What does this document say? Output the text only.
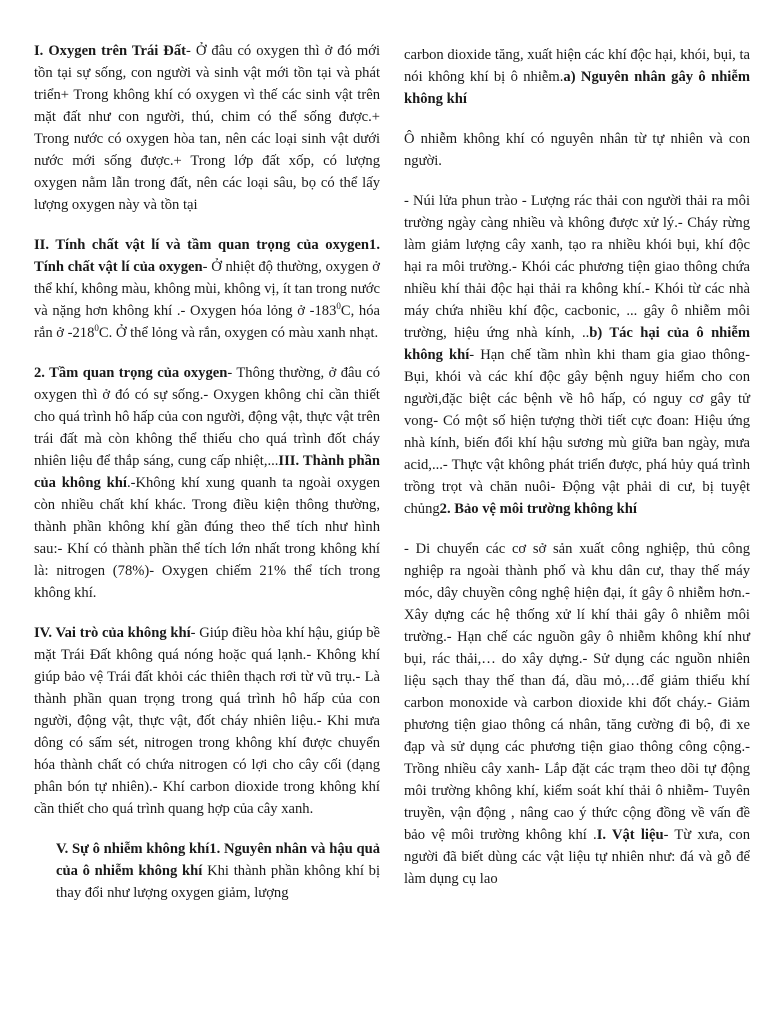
I. Oxygen trên Trái Đất- Ở đâu có oxygen thì ở đó mới tồn tại sự sống, con người và sinh vật mới tồn tại và phát triển+ Trong không khí có oxygen vì thế các sinh vật trên mặt đất như con người, thú, chim có thể sống được.+ Trong nước có oxygen hòa tan, nên các loại sinh vật dưới nước mới sống được.+ Trong lớp đất xốp, có lượng oxygen nằm lẫn trong đất, nên các loại sâu, bọ có thể lấy lượng oxygen này và tồn tại

II. Tính chất vật lí và tầm quan trọng của oxygen1. Tính chất vật lí của oxygen- Ở nhiệt độ thường, oxygen ở thể khí, không màu, không mùi, không vị, ít tan trong nước và nặng hơn không khí .- Oxygen hóa lỏng ở $-183^0C$, hóa rắn ở $-218^0C$. Ở thể lỏng và rắn, oxygen có màu xanh nhạt.

2. Tầm quan trọng của oxygen- Thông thường, ở đâu có oxygen thì ở đó có sự sống.- Oxygen không chỉ cần thiết cho quá trình hô hấp của con người, động vật, thực vật trên trái đất mà còn không thể thiếu cho quá trình đốt cháy nhiên liệu để thắp sáng, cung cấp nhiệt,...III. Thành phần của không khí.-Không khí xung quanh ta ngoài oxygen còn nhiều chất khí khác. Trong điều kiện thông thường, thành phần không khí gần đúng theo thể tích như hình sau:- Khí có thành phần thể tích lớn nhất trong không khí là: nitrogen (78%)- Oxygen chiếm 21% thể tích trong không khí.

IV. Vai trò của không khí- Giúp điều hòa khí hậu, giúp bề mặt Trái Đất không quá nóng hoặc quá lạnh.- Không khí giúp bảo vệ Trái đất khỏi các thiên thạch rơi từ vũ trụ.- Là thành phần quan trọng trong quá trình hô hấp của con người, động vật, thực vật, đốt cháy nhiên liệu.- Khi mưa dông có sấm sét, nitrogen trong không khí được chuyển hóa thành chất có chứa nitrogen có lợi cho cây cối (dạng phân bón tự nhiên).- Khí carbon dioxide trong không khí cần thiết cho quá trình quang hợp của cây xanh.

V. Sự ô nhiễm không khí1. Nguyên nhân và hậu quả của ô nhiễm không khí Khi thành phần không khí bị thay đổi như lượng oxygen giảm, lượng

carbon dioxide tăng, xuất hiện các khí độc hại, khói, bụi, ta nói không khí bị ô nhiễm.a) Nguyên nhân gây ô nhiễm không khí

Ô nhiễm không khí có nguyên nhân từ tự nhiên và con người.

- Núi lửa phun trào - Lượng rác thải con người thải ra môi trường ngày càng nhiều và không được xử lý.- Cháy rừng làm giảm lượng cây xanh, tạo ra nhiều khói bụi, khí độc hại ra môi trường.- Khói các phương tiện giao thông chứa nhiều khí thải độc hại thải ra không khí.- Khói từ các nhà máy chứa nhiều khí độc, cacbonic, ... gây ô nhiễm môi trường, hiệu ứng nhà kính, ..b) Tác hại của ô nhiễm không khí- Hạn chế tầm nhìn khi tham gia giao thông- Bụi, khói và các khí độc gây bệnh nguy hiểm cho con người,đặc biệt các bệnh về hô hấp, có nguy cơ gây tử vong- Có một số hiện tượng thời tiết cực đoan: Hiệu ứng nhà kính, biến đổi khí hậu sương mù giữa ban ngày, mưa acid,...- Thực vật không phát triển được, phá hủy quá trình trồng trọt và chăn nuôi- Động vật phải di cư, bị tuyệt chủng2. Bảo vệ môi trường không khí

- Di chuyển các cơ sở sản xuất công nghiệp, thủ công nghiệp ra ngoài thành phố và khu dân cư, thay thế máy móc, dây chuyền công nghệ hiện đại, ít gây ô nhiễm hơn.- Xây dựng các hệ thống xử lí khí thải gây ô nhiễm môi trường.- Hạn chế các nguồn gây ô nhiễm không khí như bụi, rác thải,… do xây dựng.- Sử dụng các nguồn nhiên liệu sạch thay thế than đá, dầu mỏ,…để giảm thiểu khí carbon monoxide và carbon dioxide khi đốt cháy.- Giảm phương tiện giao thông cá nhân, tăng cường đi bộ, đi xe đạp và sử dụng các phương tiện giao thông công cộng.- Trồng nhiều cây xanh- Lắp đặt các trạm theo dõi tự động môi trường không khí, kiểm soát khí thải ô nhiễm- Tuyên truyền, vận động , nâng cao ý thức cộng đồng về vấn đề bảo vệ môi trường không khí .I. Vật liệu- Từ xưa, con người đã biết dùng các vật liệu tự nhiên như: đá và gỗ để làm dụng cụ lao
